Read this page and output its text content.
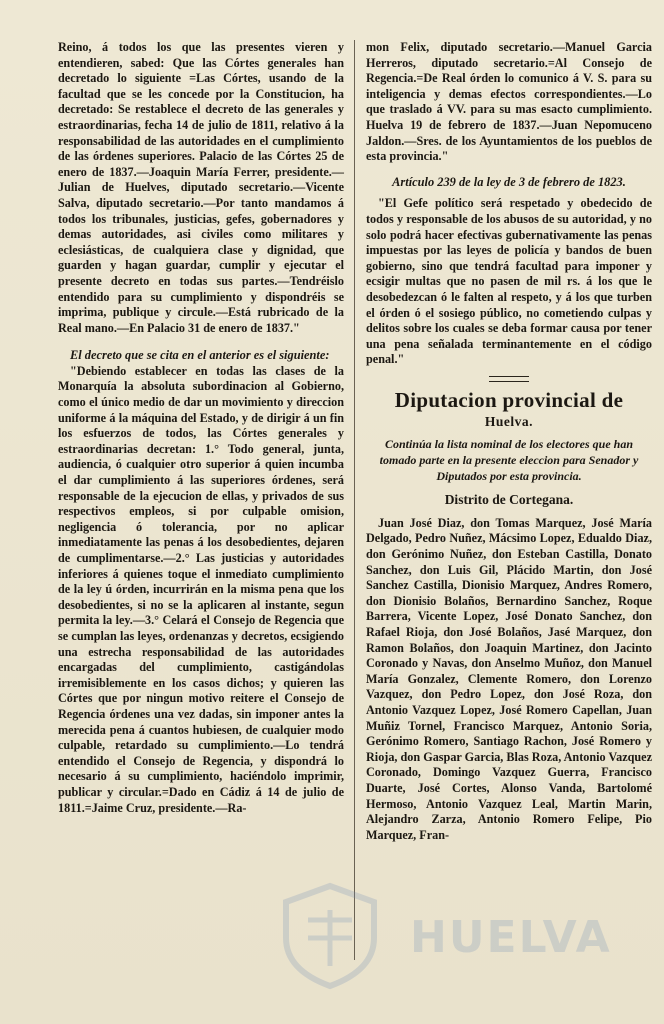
Reino, á todos los que las presentes vieren y entendieren, sabed: Que las Córtes generales han decretado lo siguiente =Las Córtes, usando de la facultad que se les concede por la Constitucion, ha decretado: Se restablece el decreto de las generales y estraordinarias, fecha 14 de julio de 1811, relativo á la responsabilidad de las autoridades en el cumplimiento de las órdenes superiores. Palacio de las Córtes 25 de enero de 1837.—Joaquin María Ferrer, presidente.—Julian de Huelves, diputado secretario.—Vicente Salva, diputado secretario.—Por tanto mandamos á todos los tribunales, justicias, gefes, gobernadores y demas autoridades, asi civiles como militares y eclesiásticas, de cualquiera clase y dignidad, que guarden y hagan guardar, cumplir y ejecutar el presente decreto en todas sus partes.—Tendréislo entendido para su cumplimiento y dispondréis se imprima, publique y circule.—Está rubricado de la Real mano.—En Palacio 31 de enero de 1837."

El decreto que se cita en el anterior es el siguiente:

"Debiendo establecer en todas las clases de la Monarquía la absoluta subordinacion al Gobierno, como el único medio de dar un movimiento y direccion uniforme á la máquina del Estado, y de dirigir á un fin los esfuerzos de todos, las Córtes generales y estraordinarias decretan: 1.° Todo general, junta, audiencia, ó cualquier otro superior á quien incumba el dar cumplimiento á las superiores órdenes, será responsable de la ejecucion de ellas, y privados de sus respectivos empleos, si por culpable omision, negligencia ó tolerancia, por no aplicar inmediatamente las penas á los desobedientes, dejaren de cumplimentarse.—2.° Las justicias y autoridades inferiores á quienes toque el inmediato cumplimiento de la ley ú órden, incurrirán en la misma pena que los desobedientes, si no se la aplicaren al instante, segun permita la ley.—3.° Celará el Consejo de Regencia que se cumplan las leyes, ordenanzas y decretos, ecsigiendo una estrecha responsabilidad de las autoridades encargadas del cumplimiento, castigándolas irremisiblemente en los casos dichos; y quieren las Córtes que por ningun motivo reitere el Consejo de Regencia órdenes una vez dadas, sin imponer antes la merecida pena á cuantos hubiesen, de cualquier modo culpable, retardado su cumplimiento.—Lo tendrá entendido el Consejo de Regencia, y dispondrá lo necesario á su cumplimiento, haciéndolo imprimir, publicar y circular.=Dado en Cádiz á 14 de julio de 1811.=Jaime Cruz, presidente.—Ra-

mon Felix, diputado secretario.—Manuel Garcia Herreros, diputado secretario.=Al Consejo de Regencia.=De Real órden lo comunico á V. S. para su inteligencia y demas efectos correspondientes.—Lo que traslado á VV. para su mas esacto cumplimiento. Huelva 19 de febrero de 1837.—Juan Nepomuceno Jaldon.—Sres. de los Ayuntamientos de los pueblos de esta provincia."

Artículo 239 de la ley de 3 de febrero de 1823.

"El Gefe político será respetado y obedecido de todos y responsable de los abusos de su autoridad, y no solo podrá hacer efectivas gubernativamente las penas impuestas por las leyes de policía y bandos de buen gobierno, sino que tendrá facultad para imponer y ecsigir multas que no pasen de mil rs. á los que le desobedezcan ó le falten al respeto, y á los que turben el órden ó el sosiego público, no cometiendo culpas y delitos sobre los cuales se deba formar causa por tener una pena señalada terminantemente en el código penal."

Diputacion provincial de

Huelva.

Continúa la lista nominal de los electores que han tomado parte en la presente eleccion para Senador y Diputados por esta provincia.

Distrito de Cortegana.

Juan José Diaz, don Tomas Marquez, José María Delgado, Pedro Nuñez, Mácsimo Lopez, Edualdo Diaz, don Gerónimo Nuñez, don Esteban Castilla, Donato Sanchez, don Luis Gil, Plácido Martin, don José Sanchez Castilla, Dionisio Marquez, Andres Romero, don Dionisio Bolaños, Bernardino Sanchez, Roque Barrera, Vicente Lopez, José Donato Sanchez, don Rafael Rioja, don José Bolaños, Jasé Marquez, don Ramon Bolaños, don Joaquin Martinez, don Jacinto Coronado y Navas, don Anselmo Muñoz, don Manuel María Gonzalez, Clemente Romero, don Lorenzo Vazquez, don Pedro Lopez, don José Roza, don Antonio Vazquez Lopez, José Romero Capellan, Juan Muñiz Tornel, Francisco Marquez, Antonio Soria, Gerónimo Romero, Santiago Rachon, José Romero y Rioja, don Gaspar Garcia, Blas Roza, Antonio Vazquez Coronado, Domingo Vazquez Guerra, Francisco Duarte, José Cortes, Alonso Vanda, Bartolomé Hermoso, Antonio Vazquez Leal, Martin Marin, Alejandro Zarza, Antonio Romero Felipe, Pio Marquez, Fran-

HUELVA
